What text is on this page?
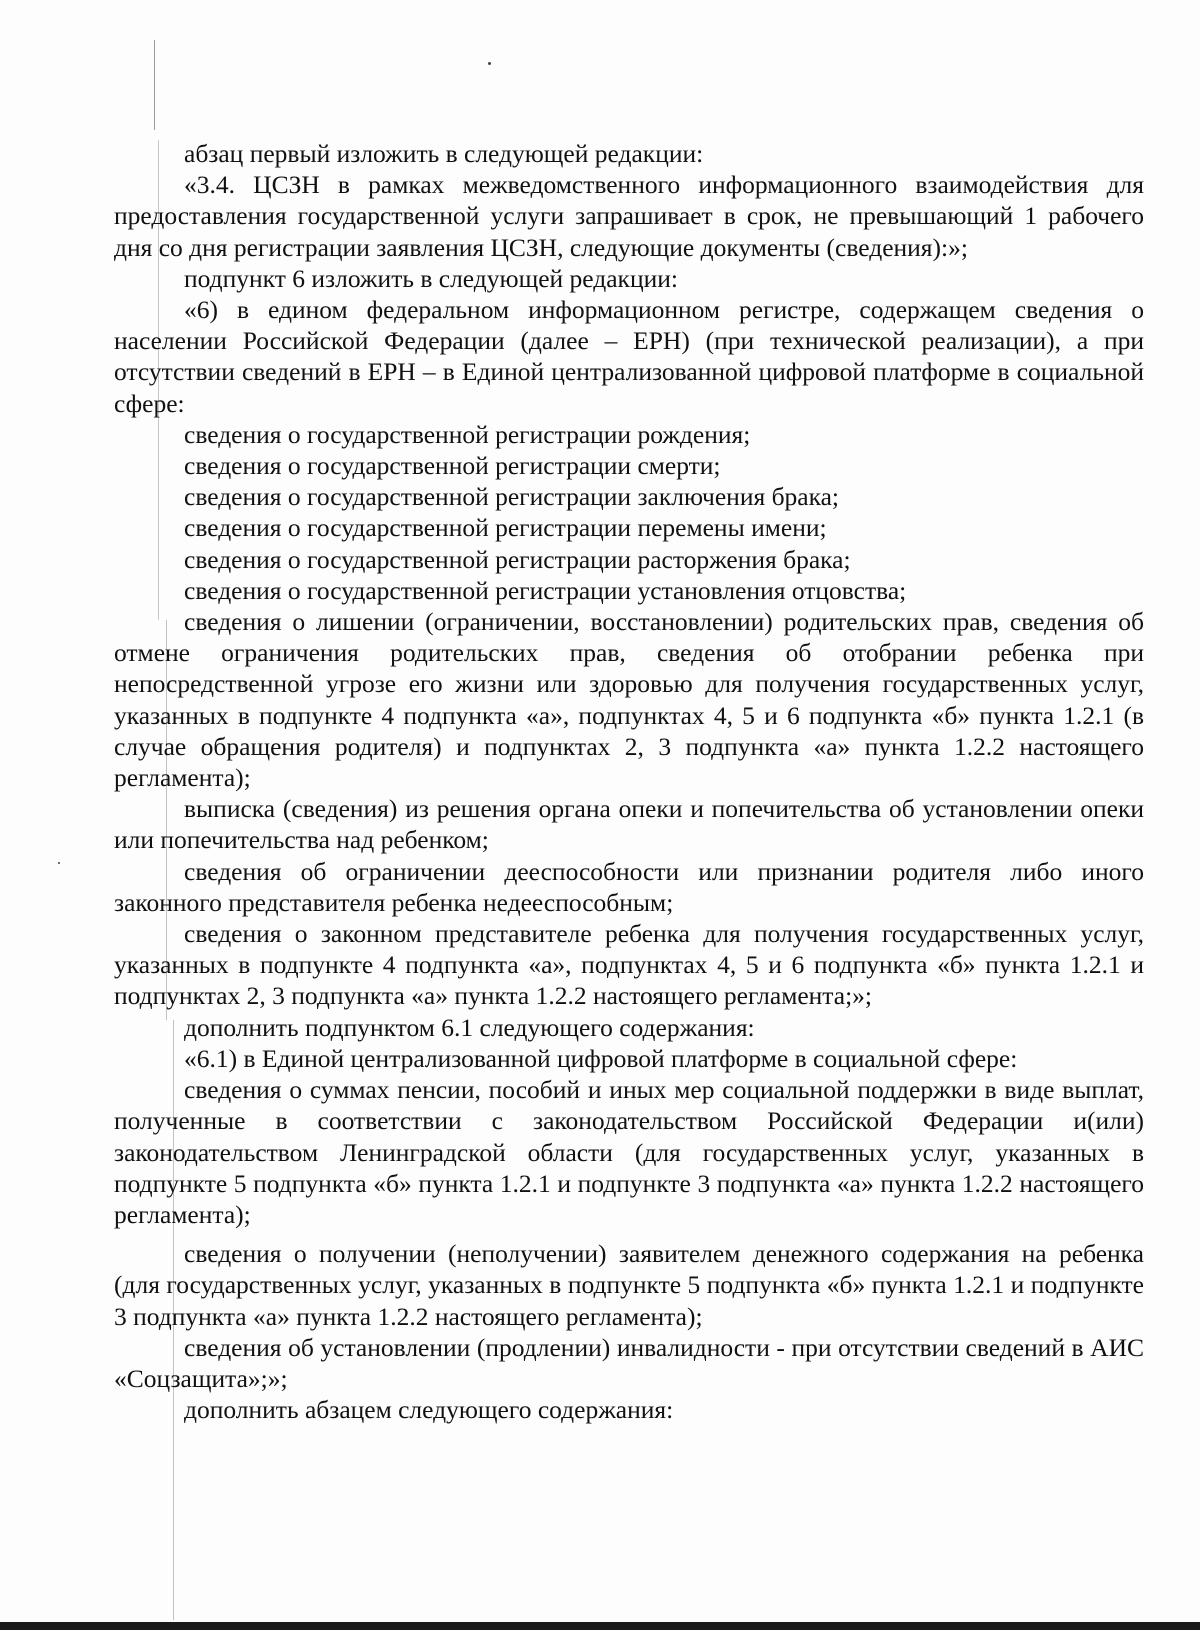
абзац первый изложить в следующей редакции:

«3.4. ЦСЗН в рамках межведомственного информационного взаимодействия для предоставления государственной услуги запрашивает в срок, не превышающий 1 рабочего дня со дня регистрации заявления ЦСЗН, следующие документы (сведения):»;

подпункт 6 изложить в следующей редакции:

«6) в едином федеральном информационном регистре, содержащем сведения о населении Российской Федерации (далее – ЕРН) (при технической реализации), а при отсутствии сведений в ЕРН – в Единой централизованной цифровой платформе в социальной сфере:

сведения о государственной регистрации рождения;

сведения о государственной регистрации смерти;

сведения о государственной регистрации заключения брака;

сведения о государственной регистрации перемены имени;

сведения о государственной регистрации расторжения брака;

сведения о государственной регистрации установления отцовства;

сведения о лишении (ограничении, восстановлении) родительских прав, сведения об отмене ограничения родительских прав, сведения об отобрании ребенка при непосредственной угрозе его жизни или здоровью для получения государственных услуг, указанных в подпункте 4 подпункта «а», подпунктах 4, 5 и 6 подпункта «б» пункта 1.2.1 (в случае обращения родителя) и подпунктах 2, 3 подпункта «а» пункта 1.2.2 настоящего регламента);

выписка (сведения) из решения органа опеки и попечительства об установлении опеки или попечительства над ребенком;

сведения об ограничении дееспособности или признании родителя либо иного законного представителя ребенка недееспособным;

сведения о законном представителе ребенка для получения государственных услуг, указанных в подпункте 4 подпункта «а», подпунктах 4, 5 и 6 подпункта «б» пункта 1.2.1 и подпунктах 2, 3 подпункта «а» пункта 1.2.2 настоящего регламента;»;

дополнить подпунктом 6.1 следующего содержания:

«6.1) в Единой централизованной цифровой платформе в социальной сфере:

сведения о суммах пенсии, пособий и иных мер социальной поддержки в виде выплат, полученные в соответствии с законодательством Российской Федерации и(или) законодательством Ленинградской области (для государственных услуг, указанных в подпункте 5 подпункта «б» пункта 1.2.1 и подпункте 3 подпункта «а» пункта 1.2.2 настоящего регламента);

сведения о получении (неполучении) заявителем денежного содержания на ребенка (для государственных услуг, указанных в подпункте 5 подпункта «б» пункта 1.2.1 и подпункте 3 подпункта «а» пункта 1.2.2 настоящего регламента);

сведения об установлении (продлении) инвалидности - при отсутствии сведений в АИС «Соцзащита»;»;

дополнить абзацем следующего содержания:
